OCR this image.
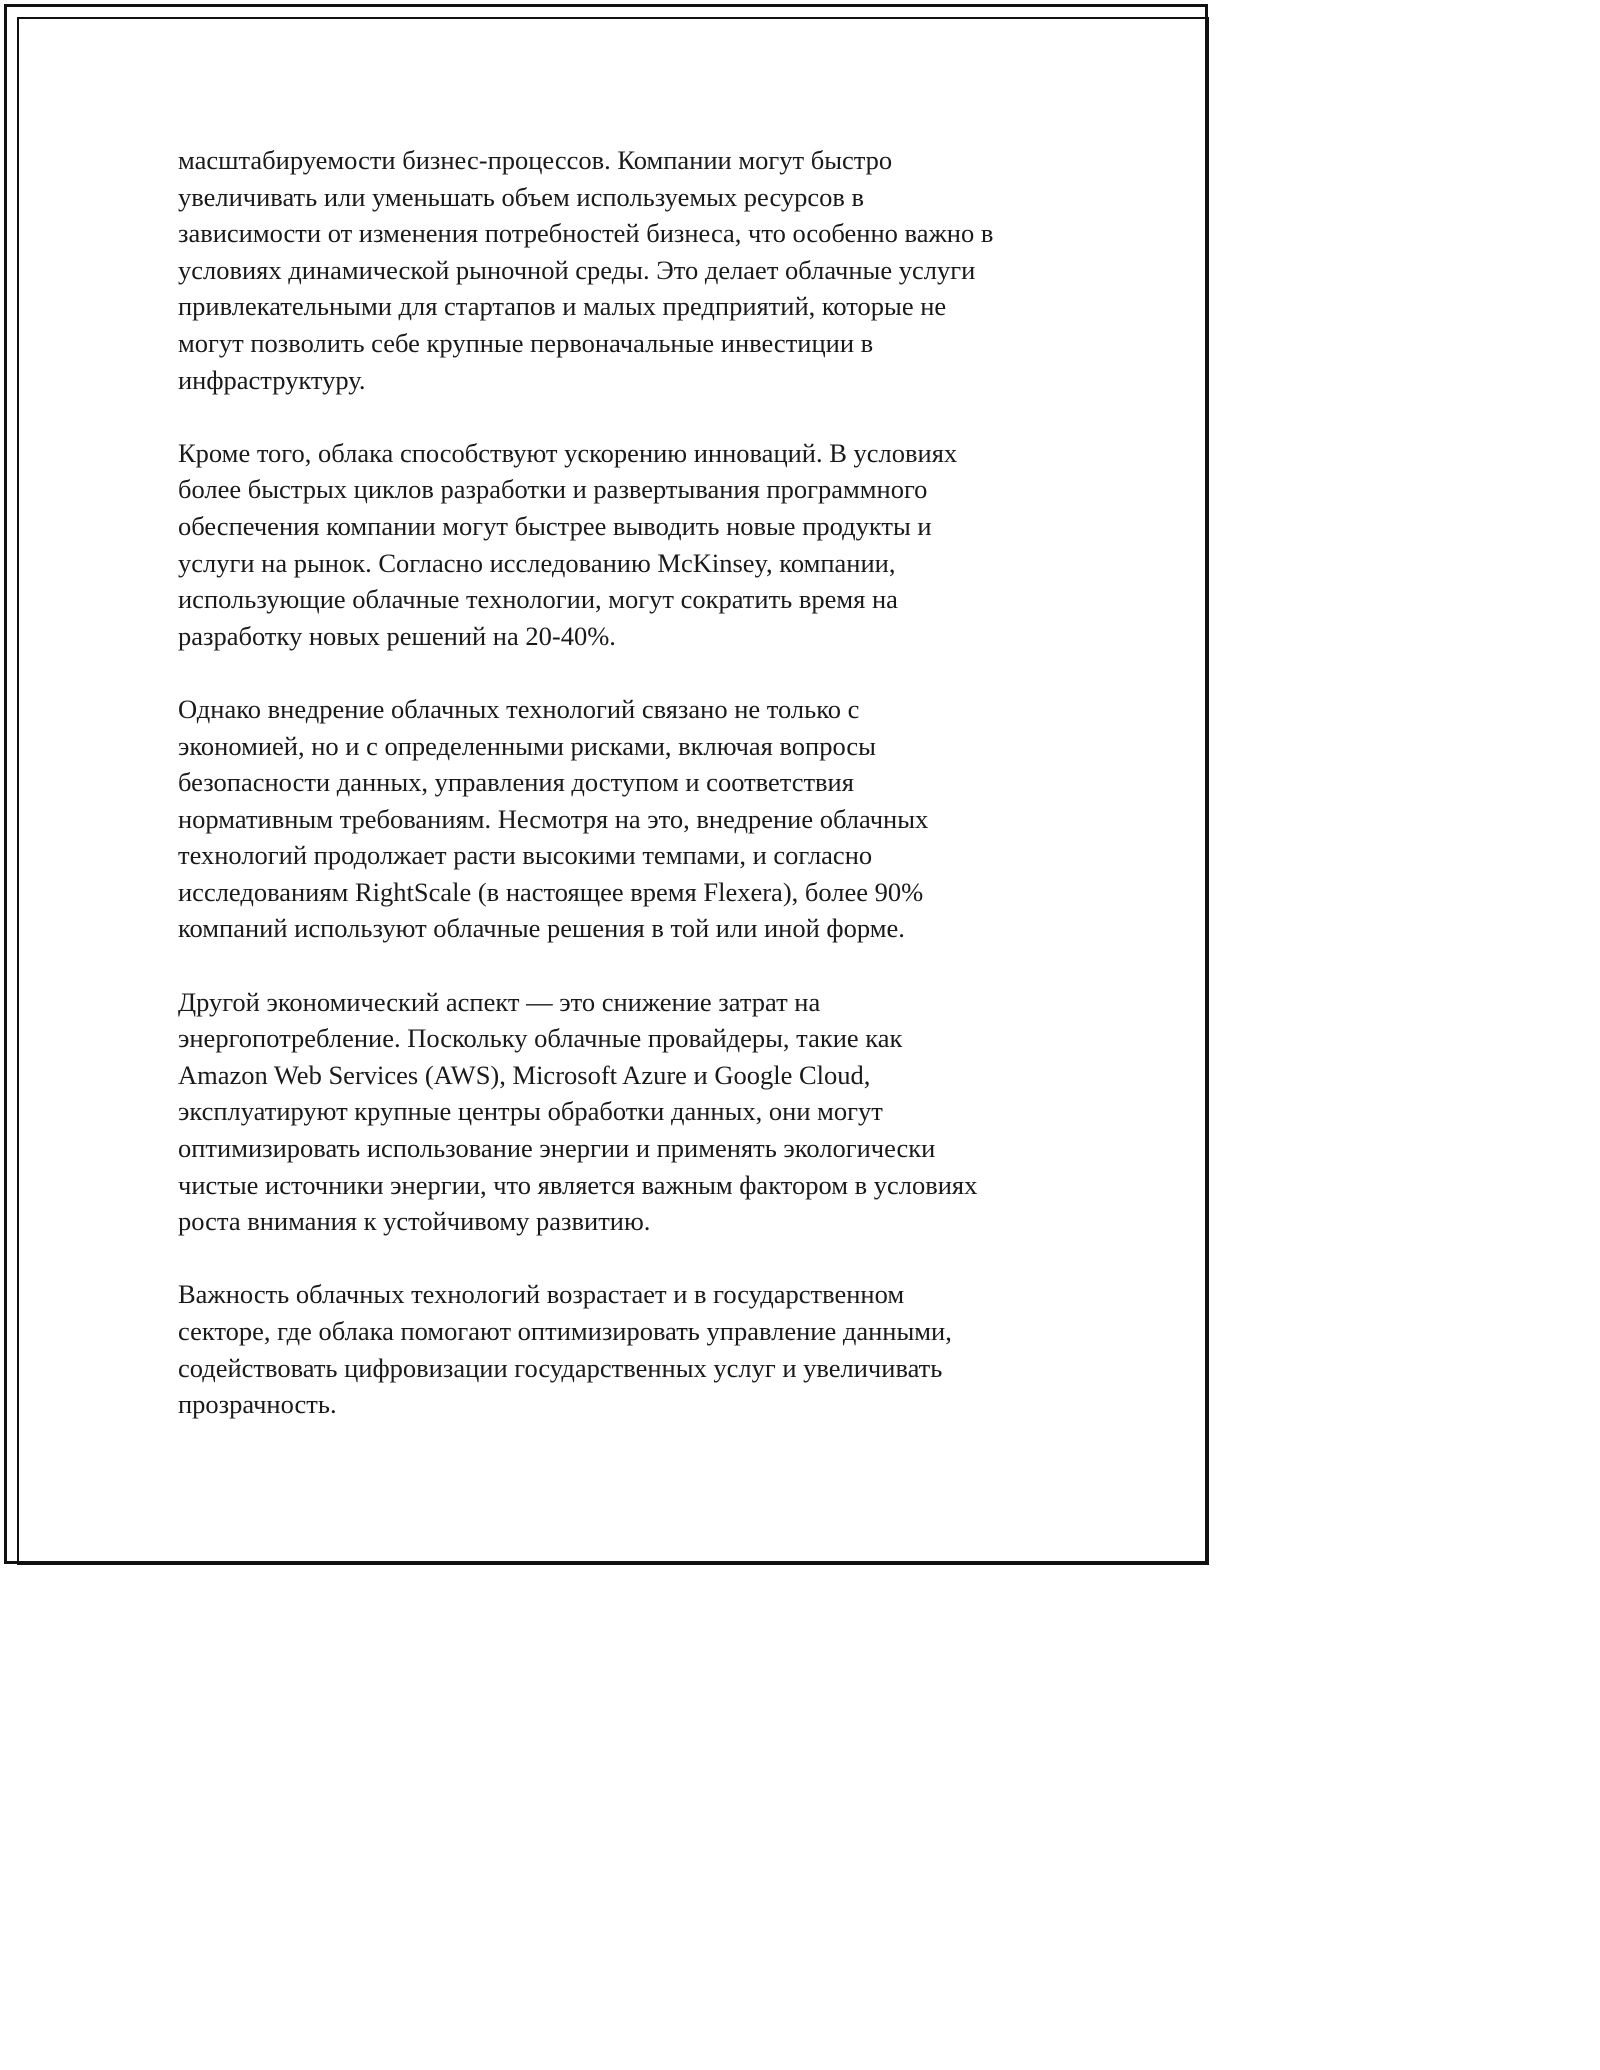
масштабируемости бизнес-процессов. Компании могут быстро
увеличивать или уменьшать объем используемых ресурсов в
зависимости от изменения потребностей бизнеса, что особенно важно в
условиях динамической рыночной среды. Это делает облачные услуги
привлекательными для стартапов и малых предприятий, которые не
могут позволить себе крупные первоначальные инвестиции в
инфраструктуру.

Кроме того, облака способствуют ускорению инноваций. В условиях
более быстрых циклов разработки и развертывания программного
обеспечения компании могут быстрее выводить новые продукты и
услуги на рынок. Согласно исследованию McKinsey, компании,
использующие облачные технологии, могут сократить время на
разработку новых решений на 20-40%.

Однако внедрение облачных технологий связано не только с
экономией, но и с определенными рисками, включая вопросы
безопасности данных, управления доступом и соответствия
нормативным требованиям. Несмотря на это, внедрение облачных
технологий продолжает расти высокими темпами, и согласно
исследованиям RightScale (в настоящее время Flexera), более 90%
компаний используют облачные решения в той или иной форме.

Другой экономический аспект — это снижение затрат на
энергопотребление. Поскольку облачные провайдеры, такие как
Amazon Web Services (AWS), Microsoft Azure и Google Cloud,
эксплуатируют крупные центры обработки данных, они могут
оптимизировать использование энергии и применять экологически
чистые источники энергии, что является важным фактором в условиях
роста внимания к устойчивому развитию.

Важность облачных технологий возрастает и в государственном
секторе, где облака помогают оптимизировать управление данными,
содействовать цифровизации государственных услуг и увеличивать
прозрачность.
